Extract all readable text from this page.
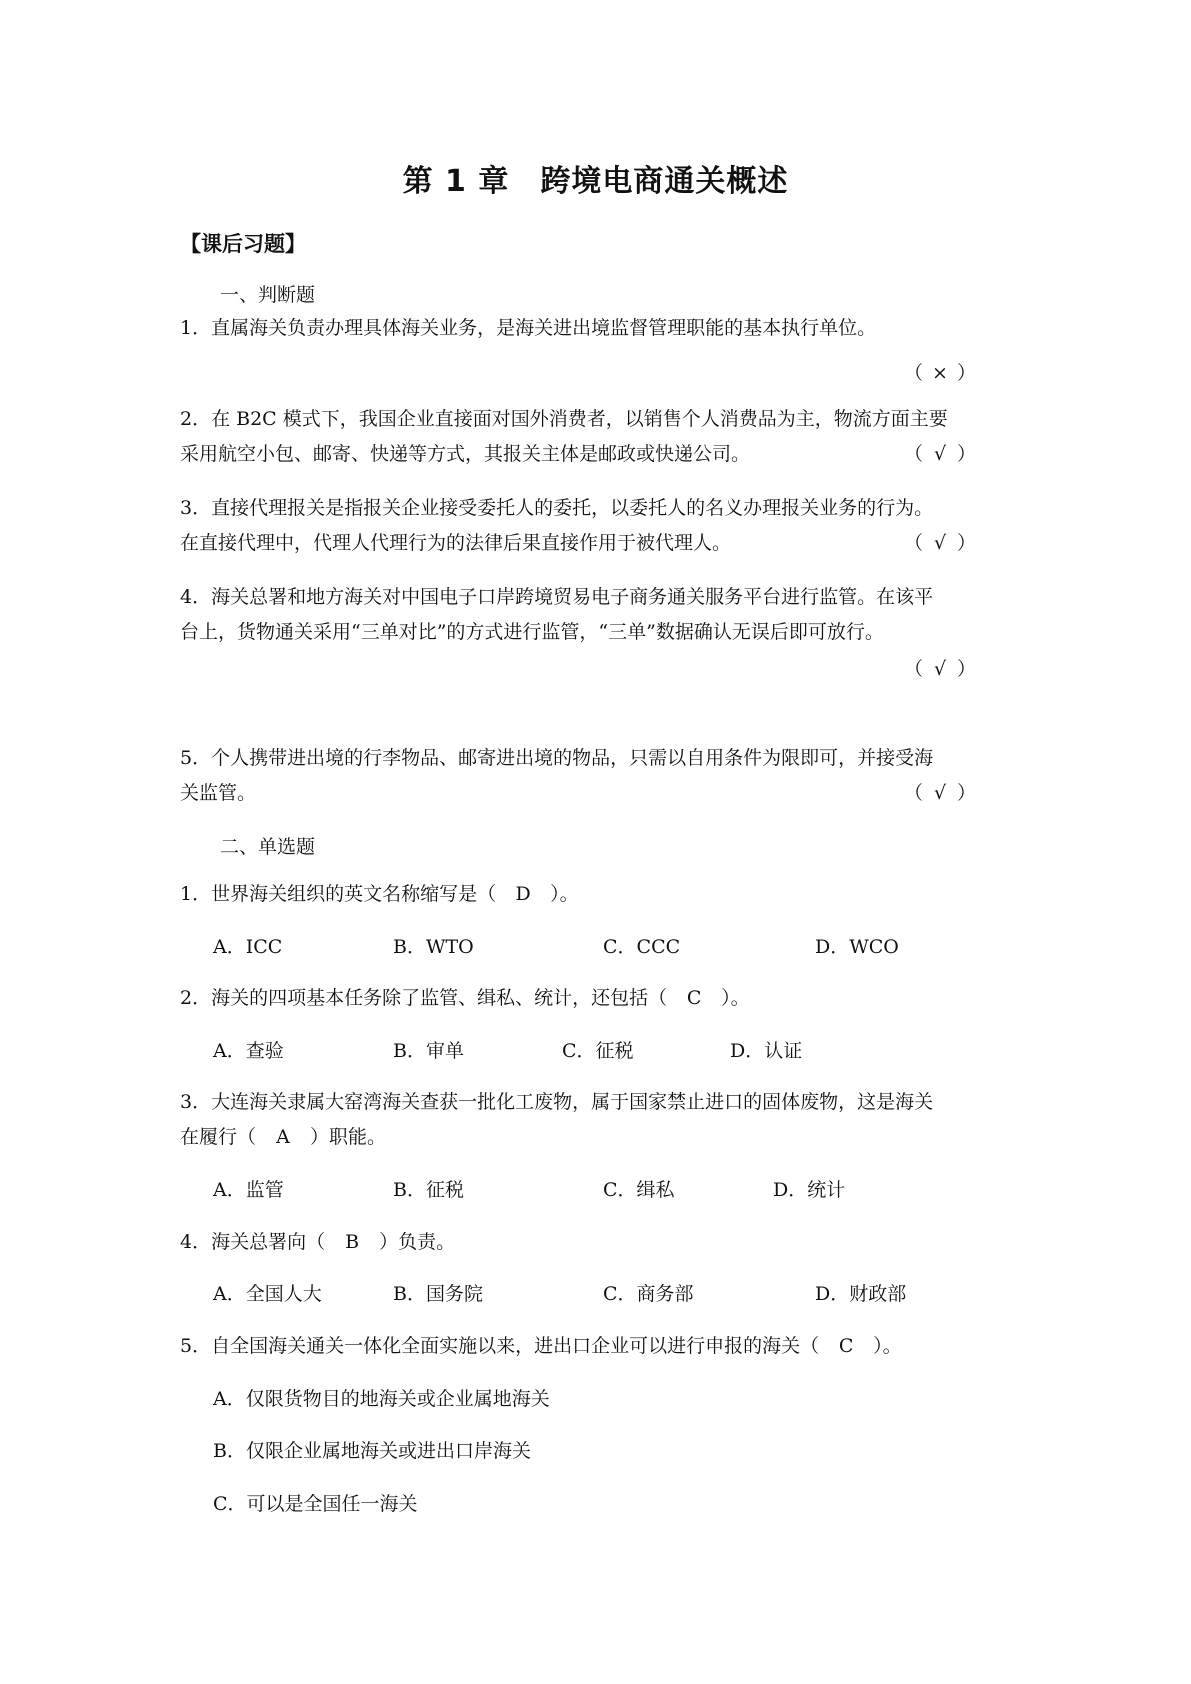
第 1 章　跨境电商通关概述
【课后习题】
一、判断题

1．直属海关负责办理具体海关业务，是海关进出境监督管理职能的基本执行单位。

（ × ）

2．在 B2C 模式下，我国企业直接面对国外消费者，以销售个人消费品为主，物流方面主要

采用航空小包、邮寄、快递等方式，其报关主体是邮政或快递公司。	（ √ ）

3．直接代理报关是指报关企业接受委托人的委托，以委托人的名义办理报关业务的行为。

在直接代理中，代理人代理行为的法律后果直接作用于被代理人。	（ √ ）

4．海关总署和地方海关对中国电子口岸跨境贸易电子商务通关服务平台进行监管。在该平

台上，货物通关采用“三单对比”的方式进行监管，“三单”数据确认无误后即可放行。

（ √ ）

5．个人携带进出境的行李物品、邮寄进出境的物品，只需以自用条件为限即可，并接受海

关监管。	（ √ ）
二、单选题

1．世界海关组织的英文名称缩写是（ D ）。

A．ICC	B．WTO	C．CCC	D．WCO

2．海关的四项基本任务除了监管、缉私、统计，还包括（ C ）。

A．查验	B．审单	C．征税	D．认证

3．大连海关隶属大窑湾海关查获一批化工废物，属于国家禁止进口的固体废物，这是海关

在履行（ A ）职能。

A．监管	B．征税	C．缉私	D．统计

4．海关总署向（ B ）负责。

A．全国人大	B．国务院	C．商务部	D．财政部

5．自全国海关通关一体化全面实施以来，进出口企业可以进行申报的海关（ C ）。

A．仅限货物目的地海关或企业属地海关
B．仅限企业属地海关或进出口岸海关
C．可以是全国任一海关
